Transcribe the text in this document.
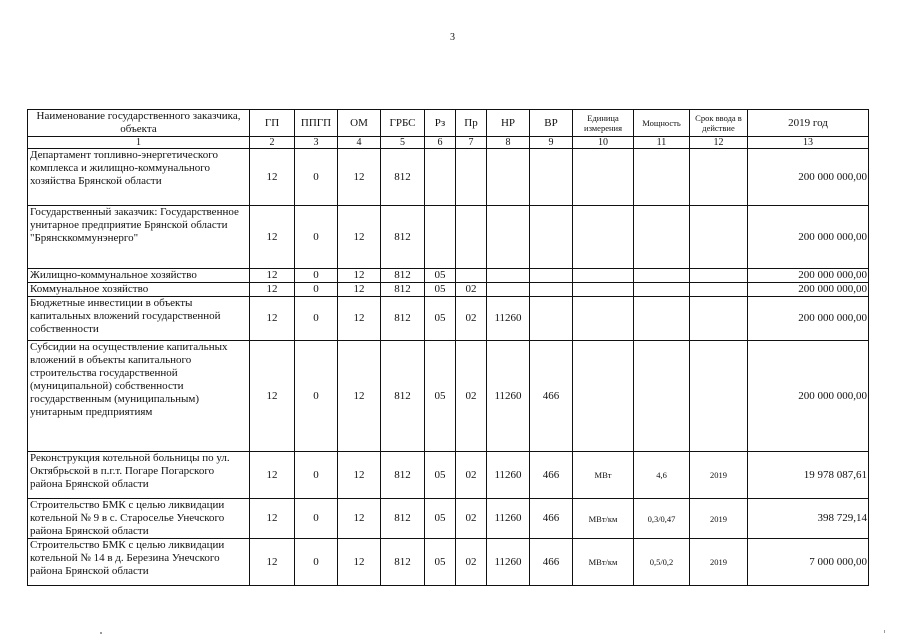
3
Наименование государственного заказчика, объекта	ГП	ППГП	ОМ	ГРБС	Рз	Пр	НР	ВР	Единица измерения	Мощность	Срок ввода в действие	2019 год
1	2	3	4	5	6	7	8	9	10	11	12	13
Департамент топливно-энергетического комплекса и жилищно-коммунального хозяйства Брянской области	12	0	12	812								200 000 000,00
Государственный заказчик: Государственное унитарное предприятие Брянской области "Брянсккоммунэнерго"	12	0	12	812								200 000 000,00
Жилищно-коммунальное хозяйство	12	0	12	812	05							200 000 000,00
Коммунальное хозяйство	12	0	12	812	05	02						200 000 000,00
Бюджетные инвестиции в объекты капитальных вложений государственной собственности	12	0	12	812	05	02	11260					200 000 000,00
Субсидии на осуществление капитальных вложений в объекты капитального строительства государственной (муниципальной) собственности государственным (муниципальным) унитарным предприятиям	12	0	12	812	05	02	11260	466				200 000 000,00
Реконструкция котельной больницы по ул. Октябрьской в п.г.т. Погаре Погарского района Брянской области	12	0	12	812	05	02	11260	466	МВт	4,6	2019	19 978 087,61
Строительство БМК с целью ликвидации котельной № 9 в с. Староселье Унечского района Брянской области	12	0	12	812	05	02	11260	466	МВт/км	0,3/0,47	2019	398 729,14
Строительство БМК с целью ликвидации котельной № 14 в д. Березина Унечского района Брянской области	12	0	12	812	05	02	11260	466	МВт/км	0,5/0,2	2019	7 000 000,00
